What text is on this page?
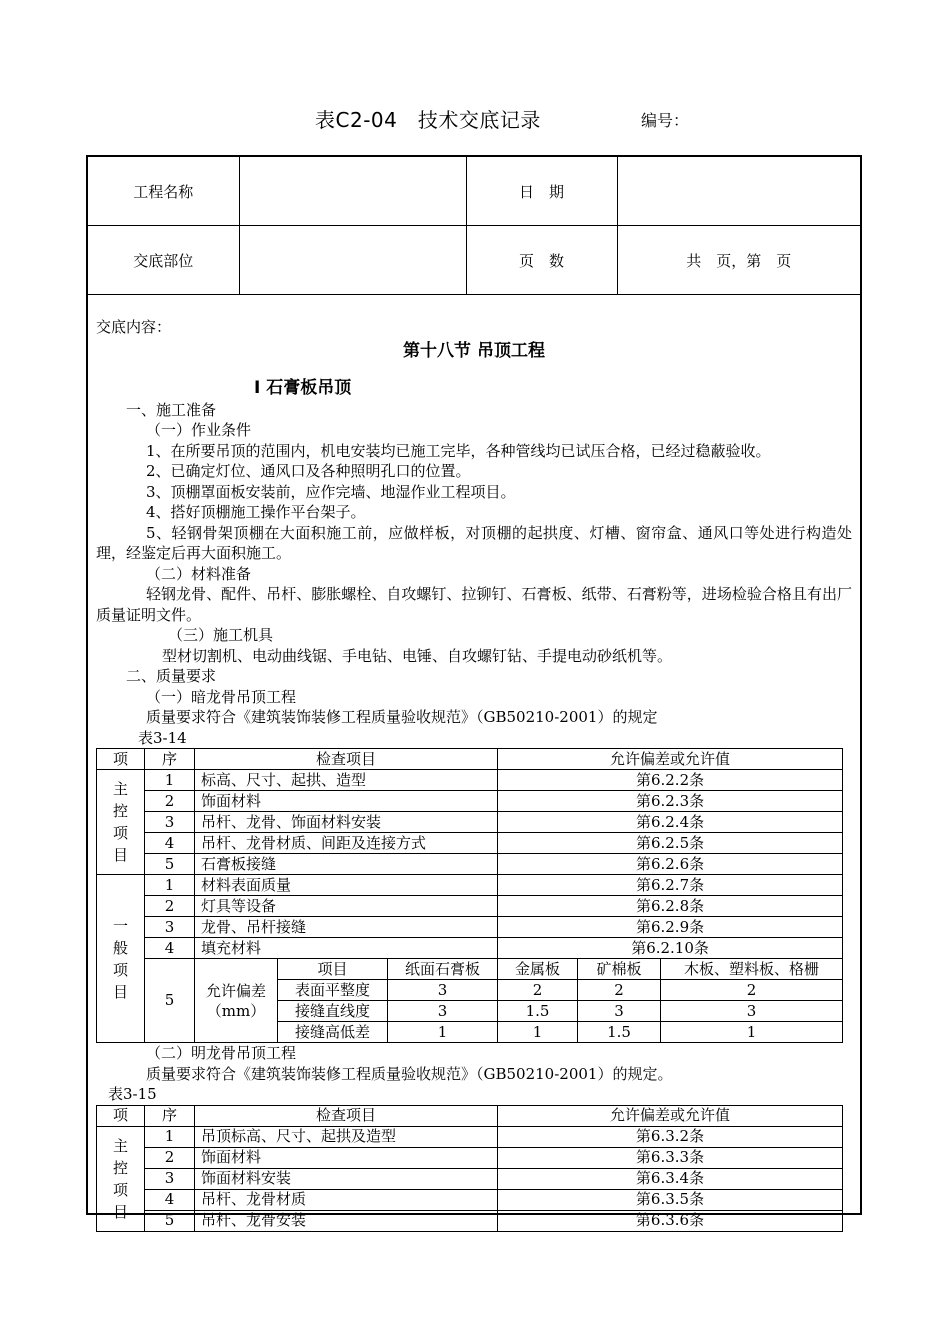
表C2-04　技术交底记录	编号：
工程名称		日　期	
交底部位		页　数	共　页，第　页

交底内容：

第十八节 吊顶工程

Ⅰ 石膏板吊顶

一、施工准备

（一）作业条件

1、在所要吊顶的范围内，机电安装均已施工完毕，各种管线均已试压合格，已经过稳蔽验收。

2、已确定灯位、通风口及各种照明孔口的位置。

3、顶棚罩面板安装前，应作完墙、地湿作业工程项目。

4、搭好顶棚施工操作平台架子。

5、轻钢骨架顶棚在大面积施工前，应做样板，对顶棚的起拱度、灯槽、窗帘盒、通风口等处进行构造处理，经鉴定后再大面积施工。

（二）材料准备

轻钢龙骨、配件、吊杆、膨胀螺栓、自攻螺钉、拉铆钉、石膏板、纸带、石膏粉等，进场检验合格且有出厂质量证明文件。

（三）施工机具

型材切割机、电动曲线锯、手电钻、电锤、自攻螺钉钻、手提电动砂纸机等。

二、质量要求

（一）暗龙骨吊顶工程

质量要求符合《建筑装饰装修工程质量验收规范》（GB50210-2001）的规定

表3-14

项	序	检查项目			允许偏差或允许值		

主控项目	1	标高、尺寸、起拱、造型			第6.2.2条		
	2	饰面材料			第6.2.3条		
	3	吊杆、龙骨、饰面材料安装			第6.2.4条		
	4	吊杆、龙骨材质、间距及连接方式			第6.2.5条		
	5	石膏板接缝			第6.2.6条		

一般项目	1	材料表面质量			第6.2.7条		
	2	灯具等设备			第6.2.8条		
	3	龙骨、吊杆接缝			第6.2.9条		
	4	填充材料			第6.2.10条		
	5	允许偏差（mm）	项目	纸面石膏板	金属板	矿棉板	木板、塑料板、格栅
			表面平整度	3	2	2	2
			接缝直线度	3	1.5	3	3
			接缝高低差	1	1	1.5	1

（二）明龙骨吊顶工程

质量要求符合《建筑装饰装修工程质量验收规范》（GB50210-2001）的规定。

表3-15

项	序	检查项目	允许偏差或允许值

主控项目	1	吊顶标高、尺寸、起拱及造型	第6.3.2条
	2	饰面材料	第6.3.3条
	3	饰面材料安装	第6.3.4条
	4	吊杆、龙骨材质	第6.3.5条
	5	吊杆、龙骨安装	第6.3.6条
